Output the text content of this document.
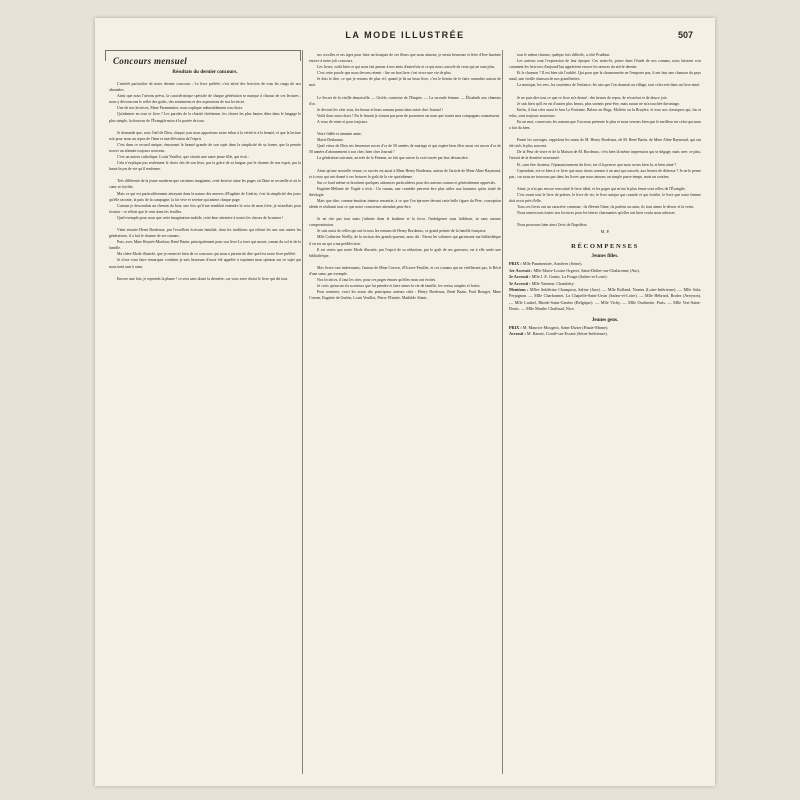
LA MODE ILLUSTRÉE	507
Concours mensuel
Résultats du dernier concours.

L'intérêt particulier de notre dernier concours : Le livre préféré, c'est attiré des lectrices de tous les rangs de nos abonnées.

Ainsi que nous l'avions prévu, la caractéristique spéciale de chaque génération se marque à chacun de ces lectures ; nous y découvrons le reflet des goûts, des sentiments et des aspirations de nos lectrices.

Une de nos lectrices, Mme Paramentier, nous explique admirablement son choix.

Qu'admirer en tout ce livre ? Les paroles de la charité chrétienne, les choses les plus hautes dites dans le langage le plus simple, la douceur de l'Évangile mise à la portée de tous.

Je demande que, sous l'œil de Dieu, chaque jour nous apportions notre tribut à la vérité et à la beauté, et que la lecture soit pour nous un repos de l'âme et une élévation de l'esprit.

C'est dans ce recueil unique, émouvant le beauté grande de son sujet dans la simplicité de sa forme, que la pensée trouve un aliment toujours nouveau.

C'est un auteur catholique, Louis Veuillot, que choisit une autre jeune fille, qui écrit :

Cela n'explique pas seulement le choix fait de son livre, par la grâce de sa langue, par le charme de son esprit, par la haute leçon de vie qu'il renferme.

Très différente de la jeune moderne que certaines imaginent, cette lectrice aime les pages où l'âme se recueille et où le cœur se fortifie.

Mais ce qui est particulièrement attrayant dans la nature des œuvres d'Eugénie de Guérin, c'est la simplicité des jours qu'elle raconte, la paix de la campagne, la foi vive et sereine qui anime chaque page.

Comme je descendais un chemin du bois, une fois qu'il me semblait entendre la voix de mon frère, je m'arrêtais pour écouter : ce n'était que le vent dans les feuilles.

Quel exemple pour nous que cette imagination mobile, cette âme attentive à toutes les choses de la nature !

Vient ensuite Henri Bordeaux, par l'excellent écrivain familial, dont les traditions qui relient les uns aux autres les générations, il a fait le charme de ses romans.

Puis, avec Mme Reynès-Monlaur, René Bazin, principalement pour son livre La terre qui meurt, roman du sol et de la famille.

Ma chère Mode illustrée, que je remercie bien de ce concours qui nous a permis de dire quel est notre livre préféré.

Je n'ose vous faire remarquer combien je suis heureuse d'avoir été appelée à exprimer mon opinion sur ce sujet qui nous tient tant à cœur.

Encore une fois, je reprends la plume ! ce sera sans doute la dernière, car vous avez choisi le livre qui dit tout.

ses corolles et ses tiges pour faire un bouquet de ces fleurs que nous aimons, je serais heureuse et fière d'être lauréate encore à notre joli concours.

Les livres, voilà bien ce qui nous fait penser à nos amis d'autrefois et ce qui nous console de ceux qui ne sont plus.

C'est cette parole que nous devons retenir : lire un bon livre c'est vivre une vie de plus.

Je dois le dire, ce que je ressens de plus vif, quand je lis un beau livre, c'est le besoin de le faire connaître autour de moi.

Le Secret de la vieille demoiselle. — Gisèle, comtesse de l'Empire. — La seconde femme. — Élisabeth aux chemins d'or.

Je devrais les citer tous, les beaux et bons romans parus dans notre cher Journal !

Voilà donc mon choix ! En le faisant je n'aurai pas peur de prononcer un nom que toutes mes compagnes connaissent.

A vous de venir et pour toujours.

Votre fidèle et aimante amie,

Marie Desbonne.

Quel vieux de Dieu ses heureuses noces d'or de 50 années de mariage et qui espère bien fêter aussi ses noces d'or de 50 années d'abonnement à son cher, bien cher Journal !

La génération suivante, arrivée de la Femme, ne fait que suivre la voie tracée par leur devancière.

Ainsi qu'une nouvelle venue, ce succès est aussi à Mme Henry Bordeaux, auteur de l'article de Mme Aline Raymond, et à ceux qui ont donné à ces lectures le goût de la vie quotidienne.

Sur ce fond même se brochent quelques attirances particulières pour des auteurs connus et généralement appréciés.

Eugénie-Mélanie de Vogüé a écrit : Un roman, une comédie peuvent être plus utiles aux hommes qu'un traité de théologie.

Mais que dire, comme émotion intense ressentie, à ce que l'on éprouve devant cette belle figure du Père, conception idéale et réalisant tout ce que notre conscience attendait peut-être.

Je ne cite pas tout mais j'admire dans le bonheur et la force, l'indulgence sans faiblesse, ni sans aucune compromission.

Je suis aussi de celles qui ont lu tous les romans de Henry Bordeaux, ce grand peintre de la famille française.

Mlle Catherine Noëlly, de la section des grands-parents, nous dit : Parmi les volumes qui garnissent ma bibliothèque il en est un qui a ma prédilection.

Il est certes que notre Mode illustrée, par l'esprit de sa rédaction, par le goût de ses gravures, est à elle seule une bibliothèque.

Mes livres tout intéressants, l'auteur de Mme Craven, d'Octave Feuillet, et ces romans qui ne vieillissent pas, le Récit d'une sœur, par exemple.

Nos lectrices, il faut les citer, pour ces pages émues qu'elles nous ont écrites.

Je crois qu'aucun n'a su mieux que lui peindre et faire aimer la vie de famille, les vertus simples et fortes.

Pour terminer, voici les noms des principaux auteurs cités : Henry Bordeaux, René Bazin, Paul Bourget, Mme Craven, Eugénie de Guérin, Louis Veuillot, Pierre l'Ermite, Mathilde Alanic.

tout le même charme, quelque fois difficile, a côté Prudhon.

Les auteurs sont l'expression de leur époque. Ces notes-là, prises dans l'étude de nos romans, nous laissent voir comment les lectrices d'aujourd'hui apprécient encore les œuvres du siècle dernier.

Et le chanson ? Il est bien sûr l'oublié. Qui pour que la chansonnette ne l'emporte pas, il me faut une chanson du pays natal, une vieille chanson de nos grand'mères.

La musique, les vers, les souvenirs de l'enfance, les airs que l'on chantait au village, tout cela revit dans un livre aimé.

Je ne puis dire tout ce que ce livre m'a donné : des heures de repos, de réconfort et de douce joie.

Je sais bien qu'il en est d'autres plus beaux, plus savants peut-être, mais aucun ne m'a touchée davantage.

Enfin, il faut citer aussi le bon La Fontaine, Balzac en Bugs, Molière ou la Bruyère, et tous nos classiques qui, lus et relus, sont toujours nouveaux.

En un mot, concevons les romans que l'on nous présente le plus et nous verrons bien que le meilleur est celui qui nous a fait du bien.

Parmi les ouvrages, rappelons les noms de M. Henry Bordeaux, de M. René Bazin, de Mme Aline Raymond, qui ont été cités le plus souvent.

De la Peur de vivre et de la Maison de M. Bordeaux, c'est bien là même impression qui se dégage, mais avec ce plus, l'attrait de la dernière nouveauté.

Et, sans être douteux, l'épanouissement du livre, est-il la preuve que nous avons bien lu, et bien aimé ?

Cependant, est-ce bien à ce livre que nous irions comme à un ami qui console, aux heures de détresse ? Je ne le pense pas ; car nous ne trouvons pas dans les livres que nous aimons un simple passe-temps, mais un soutien.

Ainsi, je n'ai pas encore rencontré le livre idéal, et les pages qui m'ont le plus émue sont celles de l'Évangile.

C'est avant tout le livre de prières, le livre de vie, le livre unique qui console et qui fortifie, le livre que toute femme doit avoir près d'elle.

Tous ces livres ont un caractère commun : ils élèvent l'âme, ils parlent au cœur, ils font aimer le devoir et la vertu.

Nous remercions toutes nos lectrices pour les lettres charmantes qu'elles ont bien voulu nous adresser.

Nous prouvons bien ainsi l'avis de Napoléon.

M. P.
RÉCOMPENSES
Jeunes filles.

PRIX : Mlle Paramentier, Asnières (Seine).

1er Accessit : Mlle Marie-Louise Orgeret, Saint-Didier-sur-Chalaronne (Ain).

2e Accessit : Mlle J. E. Gonin, La Fouge (Saône-et-Loire).

3e Accessit : Mlle Varenne, Chambéry.

Mentions : Mlles Soldérine Champion, Saline (Jura). — Mlle Rolland, Nantes (Loire-Inférieure). — Mlle Sala, Perpignan. — Mlle Charbonnet, La Chapelle-Saint-Ursin (Saône-et-Loire). — Mlle Hébrard, Rodez (Aveyron). — Mlle Laubel, Rhode-Saint-Genèse (Belgique). — Mlle Vichy. — Mlle Oudinette, Paris. — Mlle Vert-Saint-Denis. — Mlle Marthe Chaffaud, Nice.

Jeunes gens.

PRIX : M. Maurice Mougeot, Saint-Dizier (Haute-Marne).

Accessit : M. Ramet, Condé-sur-Escaut (Seine-Inférieure).
